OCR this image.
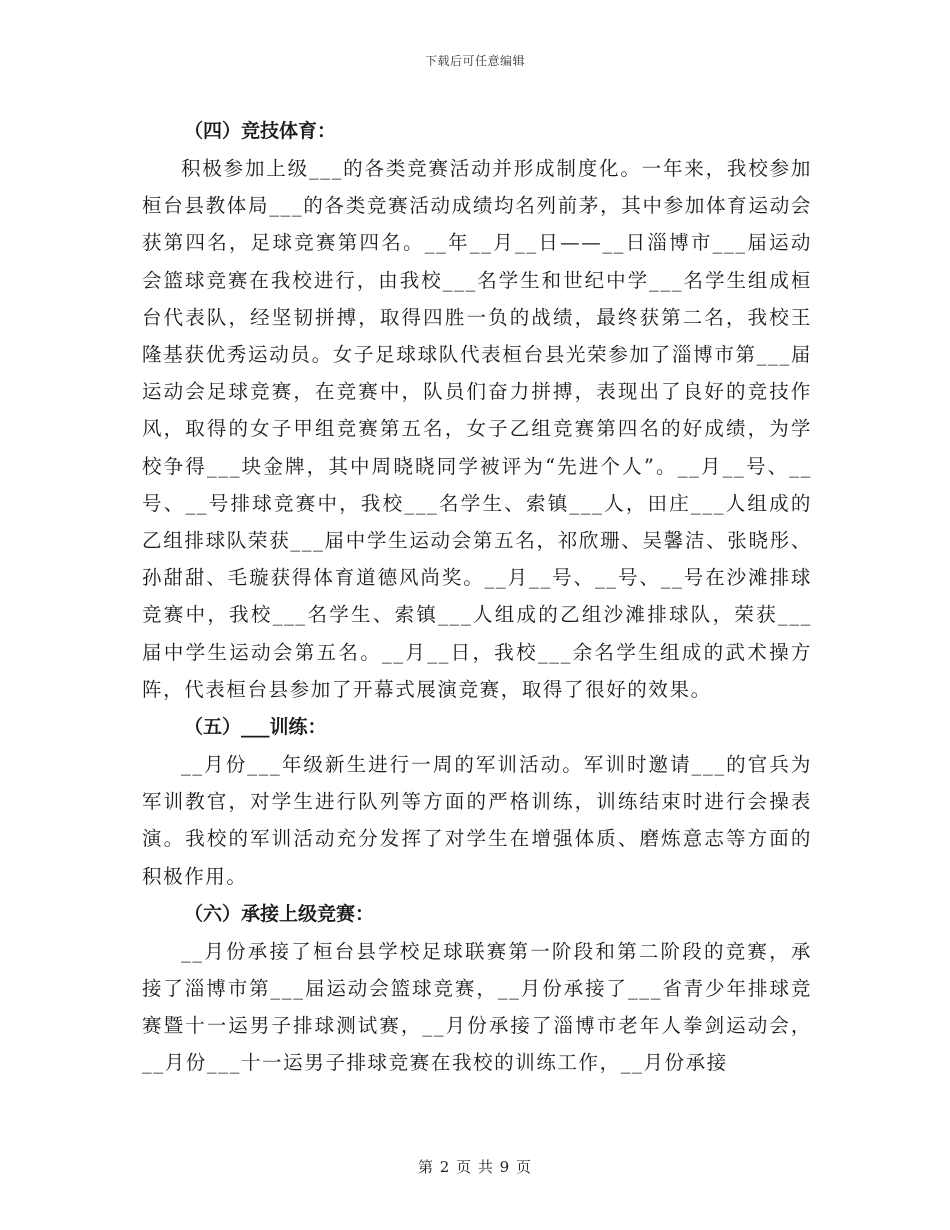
下载后可任意编辑
（四）竞技体育：

积极参加上级___的各类竞赛活动并形成制度化。一年来，我校参加桓台县教体局___的各类竞赛活动成绩均名列前茅，其中参加体育运动会获第四名，足球竞赛第四名。__年__月__日——__日淄博市___届运动会篮球竞赛在我校进行，由我校___名学生和世纪中学___名学生组成桓台代表队，经坚韧拼搏，取得四胜一负的战绩，最终获第二名，我校王隆基获优秀运动员。女子足球球队代表桓台县光荣参加了淄博市第___届运动会足球竞赛，在竞赛中，队员们奋力拼搏，表现出了良好的竞技作风，取得的女子甲组竞赛第五名，女子乙组竞赛第四名的好成绩，为学校争得___块金牌，其中周晓晓同学被评为“先进个人”。__月__号、__号、__号排球竞赛中，我校___名学生、索镇___人，田庄___人组成的乙组排球队荣获___届中学生运动会第五名，祁欣珊、吴馨洁、张晓彤、孙甜甜、毛璇获得体育道德风尚奖。__月__号、__号、__号在沙滩排球竞赛中，我校___名学生、索镇___人组成的乙组沙滩排球队，荣获___届中学生运动会第五名。__月__日，我校___余名学生组成的武术操方阵，代表桓台县参加了开幕式展演竞赛，取得了很好的效果。

（五）___训练：

__月份___年级新生进行一周的军训活动。军训时邀请___的官兵为军训教官，对学生进行队列等方面的严格训练，训练结束时进行会操表演。我校的军训活动充分发挥了对学生在增强体质、磨炼意志等方面的积极作用。

（六）承接上级竞赛：

__月份承接了桓台县学校足球联赛第一阶段和第二阶段的竞赛，承接了淄博市第___届运动会篮球竞赛，__月份承接了___省青少年排球竞赛暨十一运男子排球测试赛，__月份承接了淄博市老年人拳剑运动会，__月份___十一运男子排球竞赛在我校的训练工作，__月份承接

第 2 页 共 9 页
